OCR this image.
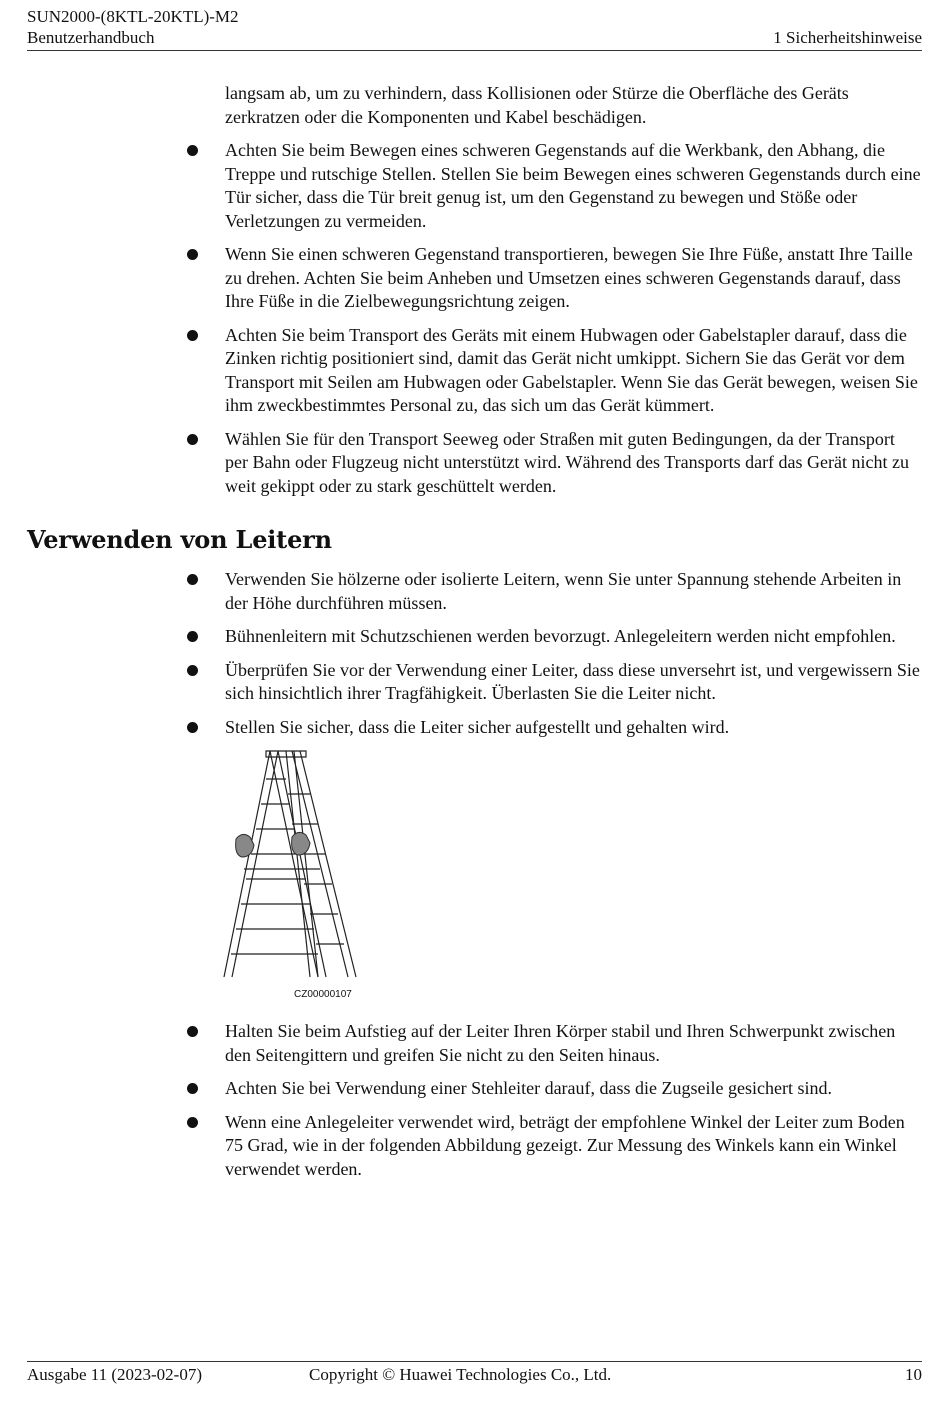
SUN2000-(8KTL-20KTL)-M2
Benutzerhandbuch	1 Sicherheitshinweise
langsam ab, um zu verhindern, dass Kollisionen oder Stürze die Oberfläche des Geräts zerkratzen oder die Komponenten und Kabel beschädigen.
Achten Sie beim Bewegen eines schweren Gegenstands auf die Werkbank, den Abhang, die Treppe und rutschige Stellen. Stellen Sie beim Bewegen eines schweren Gegenstands durch eine Tür sicher, dass die Tür breit genug ist, um den Gegenstand zu bewegen und Stöße oder Verletzungen zu vermeiden.
Wenn Sie einen schweren Gegenstand transportieren, bewegen Sie Ihre Füße, anstatt Ihre Taille zu drehen. Achten Sie beim Anheben und Umsetzen eines schweren Gegenstands darauf, dass Ihre Füße in die Zielbewegungsrichtung zeigen.
Achten Sie beim Transport des Geräts mit einem Hubwagen oder Gabelstapler darauf, dass die Zinken richtig positioniert sind, damit das Gerät nicht umkippt. Sichern Sie das Gerät vor dem Transport mit Seilen am Hubwagen oder Gabelstapler. Wenn Sie das Gerät bewegen, weisen Sie ihm zweckbestimmtes Personal zu, das sich um das Gerät kümmert.
Wählen Sie für den Transport Seeweg oder Straßen mit guten Bedingungen, da der Transport per Bahn oder Flugzeug nicht unterstützt wird. Während des Transports darf das Gerät nicht zu weit gekippt oder zu stark geschüttelt werden.
Verwenden von Leitern
Verwenden Sie hölzerne oder isolierte Leitern, wenn Sie unter Spannung stehende Arbeiten in der Höhe durchführen müssen.
Bühnenleitern mit Schutzschienen werden bevorzugt. Anlegeleitern werden nicht empfohlen.
Überprüfen Sie vor der Verwendung einer Leiter, dass diese unversehrt ist, und vergewissern Sie sich hinsichtlich ihrer Tragfähigkeit. Überlasten Sie die Leiter nicht.
Stellen Sie sicher, dass die Leiter sicher aufgestellt und gehalten wird.
CZ00000107
Halten Sie beim Aufstieg auf der Leiter Ihren Körper stabil und Ihren Schwerpunkt zwischen den Seitengittern und greifen Sie nicht zu den Seiten hinaus.
Achten Sie bei Verwendung einer Stehleiter darauf, dass die Zugseile gesichert sind.
Wenn eine Anlegeleiter verwendet wird, beträgt der empfohlene Winkel der Leiter zum Boden 75 Grad, wie in der folgenden Abbildung gezeigt. Zur Messung des Winkels kann ein Winkel verwendet werden.
Ausgabe 11 (2023-02-07)	Copyright © Huawei Technologies Co., Ltd.	10
